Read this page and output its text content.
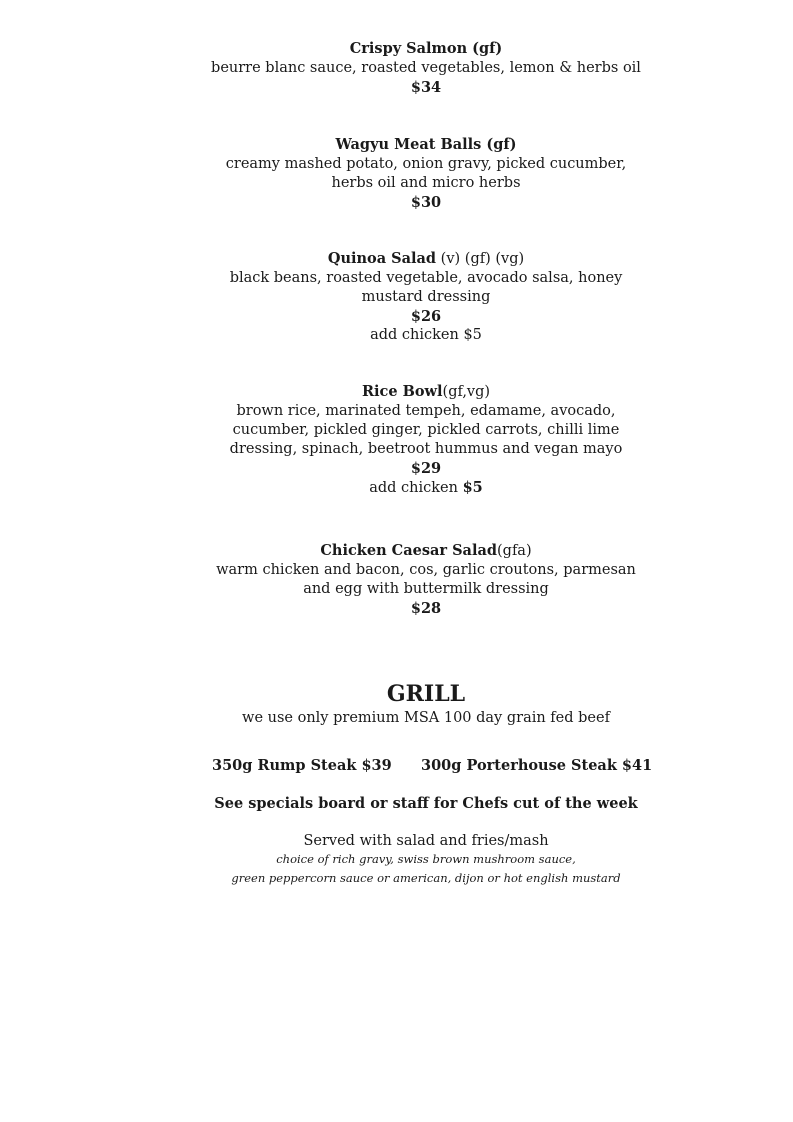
Crispy Salmon (gf)
beurre blanc sauce, roasted vegetables, lemon & herbs oil
$34
Wagyu Meat Balls (gf)
creamy mashed potato, onion gravy, picked cucumber, herbs oil and micro herbs
$30
Quinoa Salad (v) (gf) (vg)
black beans, roasted vegetable, avocado salsa, honey mustard dressing
$26
add chicken $5
Rice Bowl(gf,vg)
brown rice, marinated tempeh, edamame, avocado, cucumber, pickled ginger, pickled carrots, chilli lime dressing, spinach, beetroot hummus and vegan mayo
$29
add chicken $5
Chicken Caesar Salad(gfa)
warm chicken and bacon, cos, garlic croutons, parmesan and egg with buttermilk dressing
$28
GRILL
we use only premium MSA 100 day grain fed beef
350g Rump Steak $39 300g Porterhouse Steak $41
See specials board or staff for Chefs cut of the week
Served with salad and fries/mash
choice of rich gravy, swiss brown mushroom sauce,
green peppercorn sauce or american, dijon or hot english mustard
